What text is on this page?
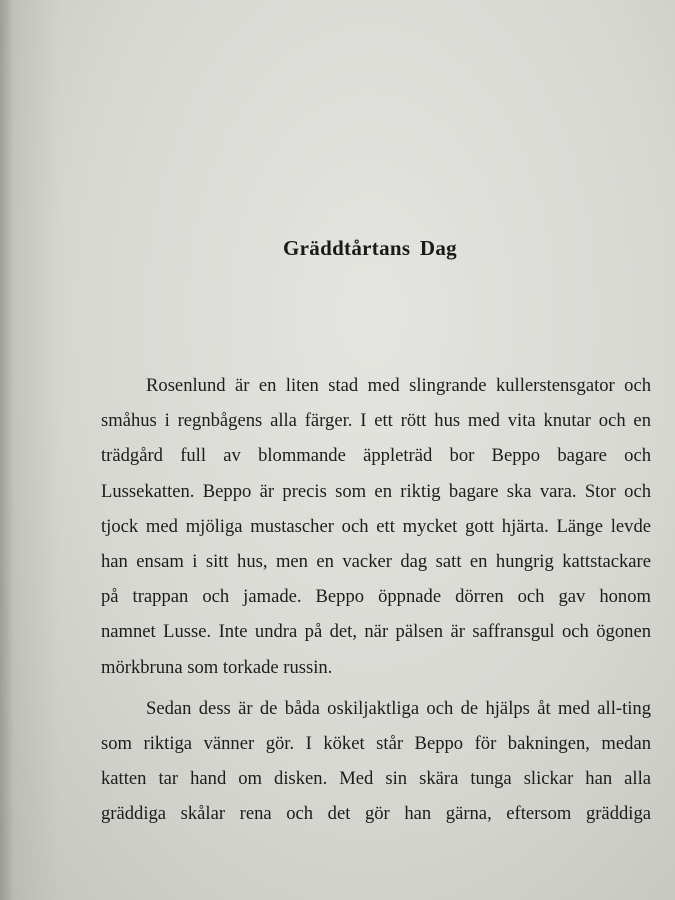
Gräddtårtans Dag
Rosenlund är en liten stad med slingrande kullerstensgator och
småhus i regnbågens alla färger. I ett rött hus med vita knutar och en
trädgård full av blommande äppleträd bor Beppo bagare och
Lussekatten. Beppo är precis som en riktig bagare ska vara. Stor och
tjock med mjöliga mustascher och ett mycket gott hjärta. Länge levde
han ensam i sitt hus, men en vacker dag satt en hungrig kattstackare
på trappan och jamade. Beppo öppnade dörren och gav honom
namnet Lusse. Inte undra på det, när pälsen är saffransgul och ögonen
mörkbruna som torkade russin.
Sedan dess är de båda oskiljaktliga och de hjälps åt med all-ting
som riktiga vänner gör. I köket står Beppo för bakningen, medan
katten tar hand om disken. Med sin skära tunga slickar han alla
gräddiga skålar rena och det gör han gärna, eftersom gräddiga
